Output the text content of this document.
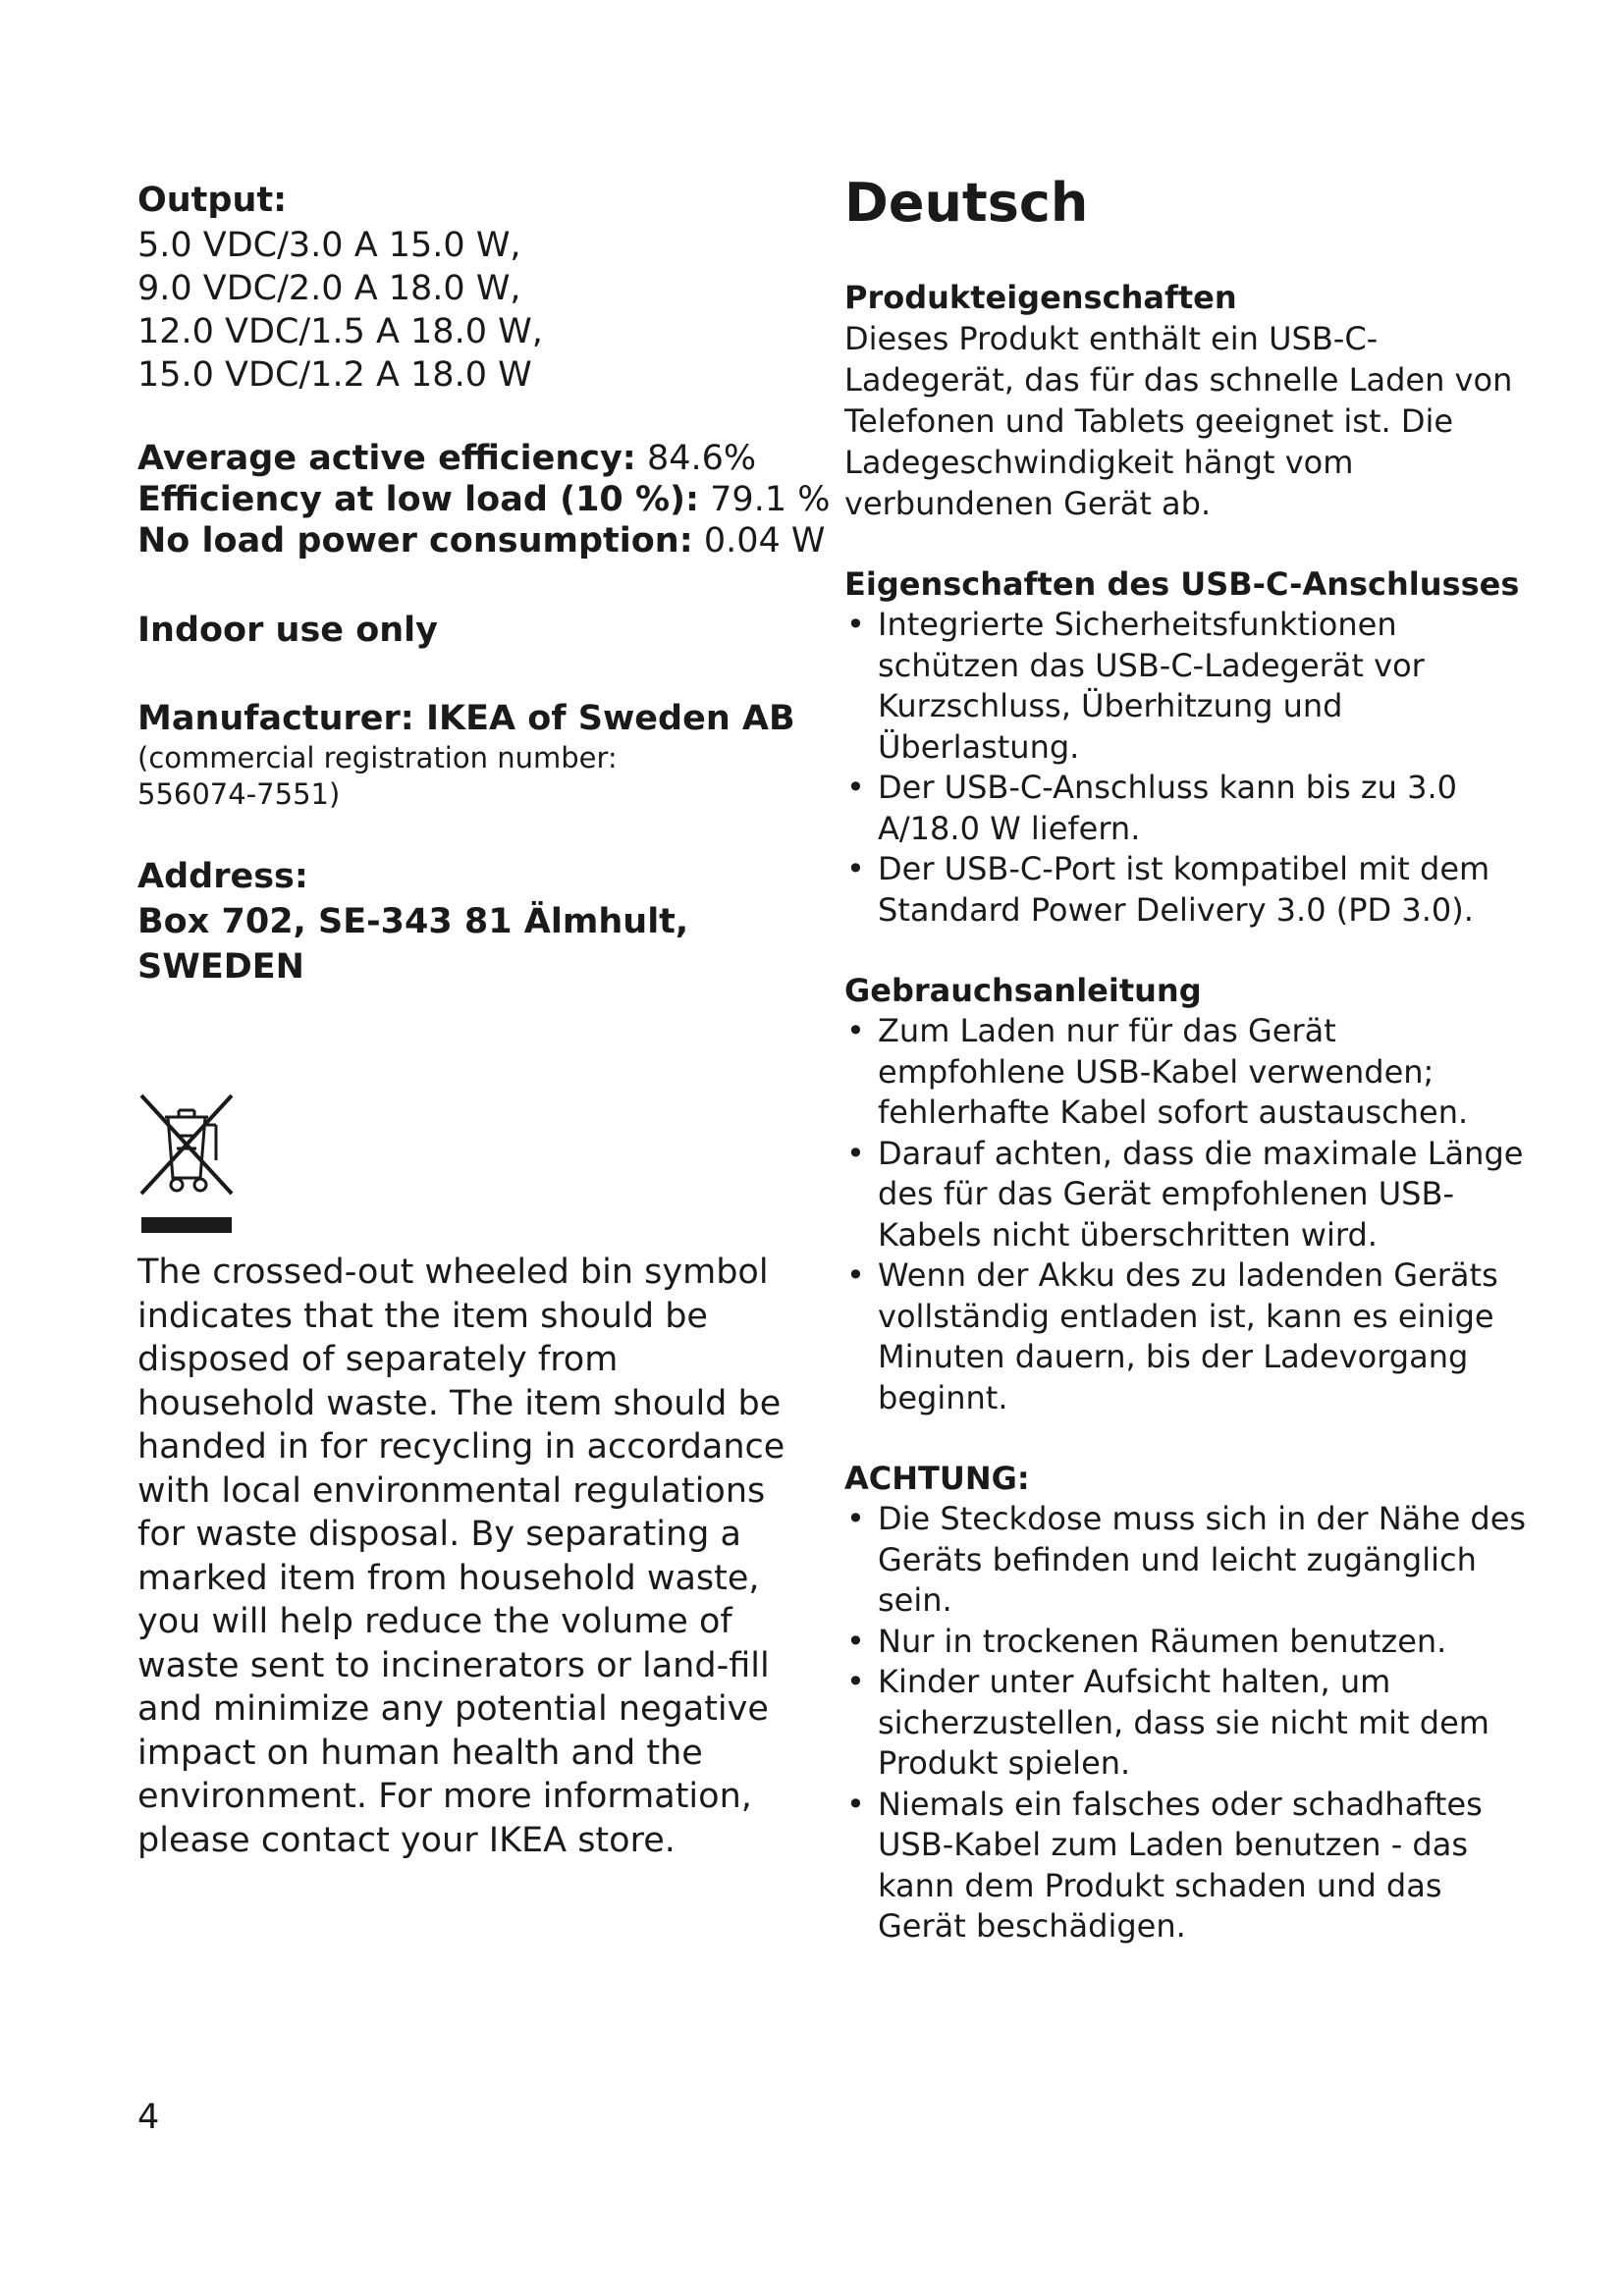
Output:

5.0 VDC/3.0 A 15.0 W,

9.0 VDC/2.0 A 18.0 W,

12.0 VDC/1.5 A 18.0 W,

15.0 VDC/1.2 A 18.0 W

Average active efficiency: 84.6%

Efficiency at low load (10 %): 79.1 %

No load power consumption: 0.04 W

Indoor use only

Manufacturer: IKEA of Sweden AB

(commercial registration number:

556074-7551)

Address:

Box 702, SE-343 81 Älmhult, SWEDEN

The crossed-out wheeled bin symbol indicates that the item should be disposed of separately from household waste. The item should be handed in for recycling in accordance with local environmental regulations for waste disposal. By separating a marked item from household waste, you will help reduce the volume of waste sent to incinerators or land-fill and minimize any potential negative impact on human health and the environment. For more information, please contact your IKEA store.

Deutsch

Produkteigenschaften

Dieses Produkt enthält ein USB-C-Ladegerät, das für das schnelle Laden von Telefonen und Tablets geeignet ist. Die Ladegeschwindigkeit hängt vom verbundenen Gerät ab.

Eigenschaften des USB-C-Anschlusses

• Integrierte Sicherheitsfunktionen schützen das USB-C-Ladegerät vor Kurzschluss, Überhitzung und Überlastung.
• Der USB-C-Anschluss kann bis zu 3.0 A/18.0 W liefern.
• Der USB-C-Port ist kompatibel mit dem Standard Power Delivery 3.0 (PD 3.0).

Gebrauchsanleitung

• Zum Laden nur für das Gerät empfohlene USB-Kabel verwenden; fehlerhafte Kabel sofort austauschen.
• Darauf achten, dass die maximale Länge des für das Gerät empfohlenen USB-Kabels nicht überschritten wird.
• Wenn der Akku des zu ladenden Geräts vollständig entladen ist, kann es einige Minuten dauern, bis der Ladevorgang beginnt.

ACHTUNG:

• Die Steckdose muss sich in der Nähe des Geräts befinden und leicht zugänglich sein.
• Nur in trockenen Räumen benutzen.
• Kinder unter Aufsicht halten, um sicherzustellen, dass sie nicht mit dem Produkt spielen.
• Niemals ein falsches oder schadhaftes USB-Kabel zum Laden benutzen - das kann dem Produkt schaden und das Gerät beschädigen.

4
